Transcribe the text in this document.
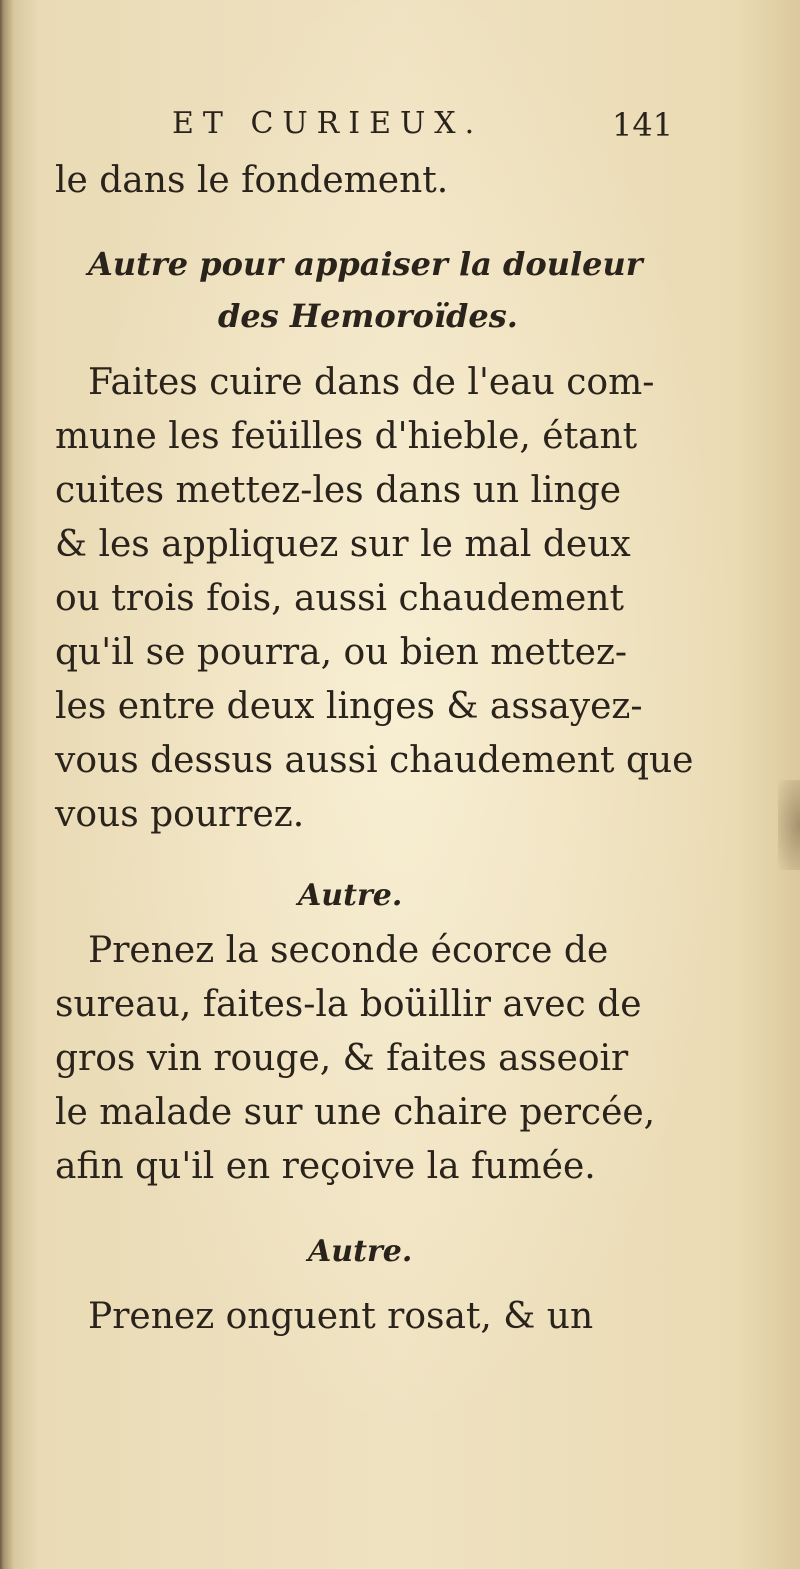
ET CURIEUX.	141
le dans le fondement.
Autre pour appaiser la douleur
des Hemoroïdes.
Faites cuire dans de l'eau com-
mune les feüilles d'hieble, étant
cuites mettez-les dans un linge
& les appliquez sur le mal deux
ou trois fois, aussi chaudement
qu'il se pourra, ou bien mettez-
les entre deux linges & assayez-
vous dessus aussi chaudement que
vous pourrez.
Autre.
Prenez la seconde écorce de
sureau, faites-la boüillir avec de
gros vin rouge, & faites asseoir
le malade sur une chaire percée,
afin qu'il en reçoive la fumée.
Autre.
Prenez onguent rosat, & un
